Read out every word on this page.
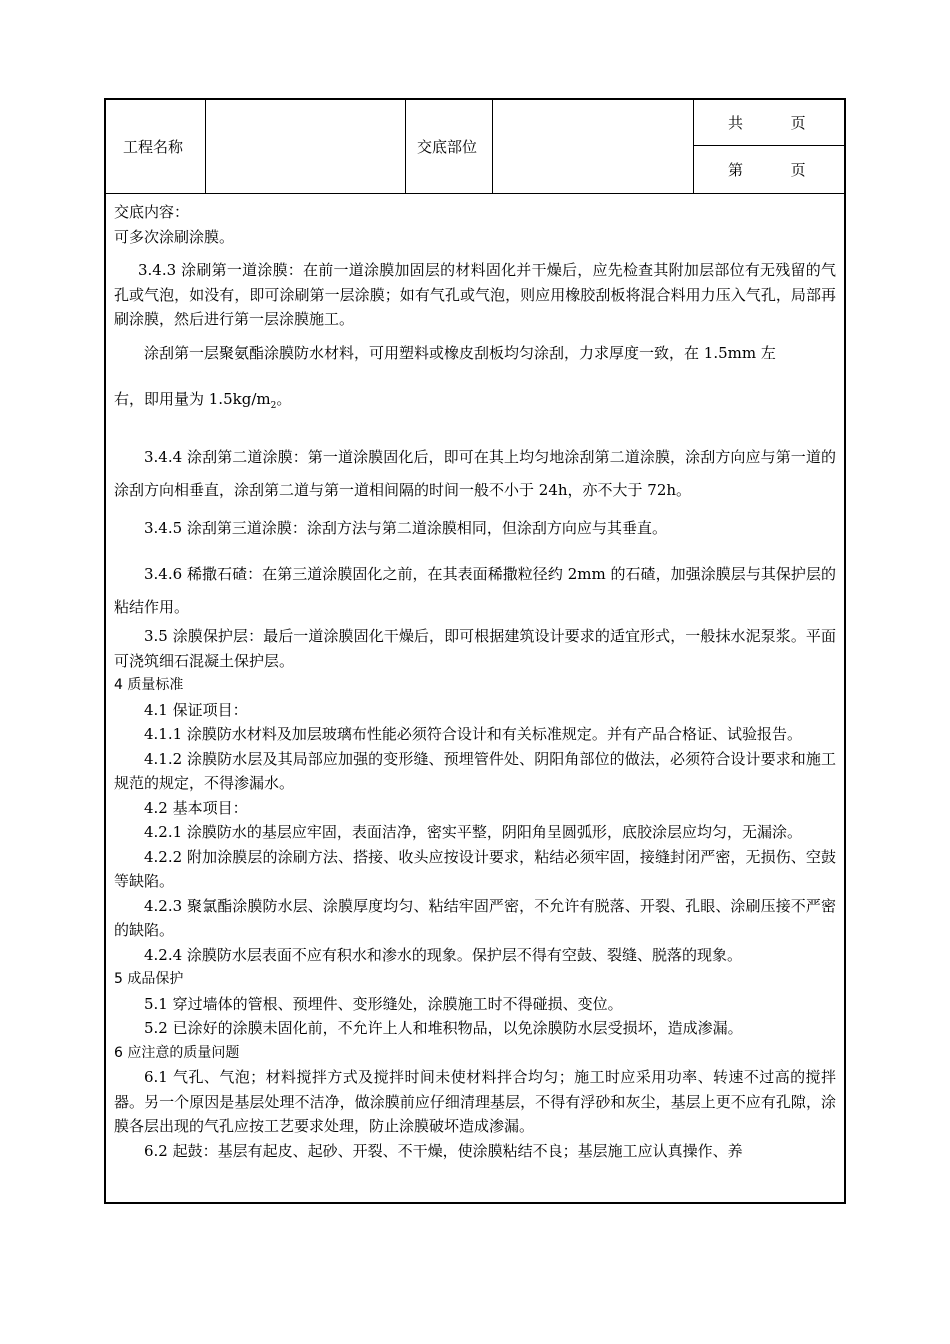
工程名称	交底部位
共          页
第          页

交底内容：

可多次涂刷涂膜。

3.4.3 涂刷第一道涂膜：在前一道涂膜加固层的材料固化并干燥后，应先检查其附加层部位有无残留的气孔或气泡，如没有，即可涂刷第一层涂膜；如有气孔或气泡，则应用橡胶刮板将混合料用力压入气孔，局部再刷涂膜，然后进行第一层涂膜施工。

涂刮第一层聚氨酯涂膜防水材料，可用塑料或橡皮刮板均匀涂刮，力求厚度一致，在 1.5mm 左

右，即用量为 $1.5kg/m_2$。

3.4.4 涂刮第二道涂膜：第一道涂膜固化后，即可在其上均匀地涂刮第二道涂膜，涂刮方向应与第一道的涂刮方向相垂直，涂刮第二道与第一道相间隔的时间一般不小于 24h，亦不大于 72h。

3.4.5 涂刮第三道涂膜：涂刮方法与第二道涂膜相同，但涂刮方向应与其垂直。

3.4.6 稀撒石碴：在第三道涂膜固化之前，在其表面稀撒粒径约 2mm 的石碴，加强涂膜层与其保护层的粘结作用。

3.5 涂膜保护层：最后一道涂膜固化干燥后，即可根据建筑设计要求的适宜形式，一般抹水泥泵浆。平面可浇筑细石混凝土保护层。

4 质量标准

4.1 保证项目：

4.1.1 涂膜防水材料及加层玻璃布性能必须符合设计和有关标准规定。并有产品合格证、试验报告。

4.1.2 涂膜防水层及其局部应加强的变形缝、预埋管件处、阴阳角部位的做法，必须符合设计要求和施工规范的规定，不得渗漏水。

4.2 基本项目：

4.2.1 涂膜防水的基层应牢固，表面洁净，密实平整，阴阳角呈圆弧形，底胶涂层应均匀，无漏涂。

4.2.2 附加涂膜层的涂刷方法、搭接、收头应按设计要求，粘结必须牢固，接缝封闭严密，无损伤、空鼓等缺陷。

4.2.3 聚氯酯涂膜防水层、涂膜厚度均匀、粘结牢固严密，不允许有脱落、开裂、孔眼、涂刷压接不严密的缺陷。

4.2.4 涂膜防水层表面不应有积水和渗水的现象。保护层不得有空鼓、裂缝、脱落的现象。

5 成品保护

5.1 穿过墙体的管根、预埋件、变形缝处，涂膜施工时不得碰损、变位。

5.2 已涂好的涂膜未固化前，不允许上人和堆积物品，以免涂膜防水层受损坏，造成渗漏。

6 应注意的质量问题

6.1 气孔、气泡；材料搅拌方式及搅拌时间未使材料拌合均匀；施工时应采用功率、转速不过高的搅拌器。另一个原因是基层处理不洁净，做涂膜前应仔细清理基层，不得有浮砂和灰尘，基层上更不应有孔隙，涂膜各层出现的气孔应按工艺要求处理，防止涂膜破坏造成渗漏。

6.2 起鼓：基层有起皮、起砂、开裂、不干燥，使涂膜粘结不良；基层施工应认真操作、养
